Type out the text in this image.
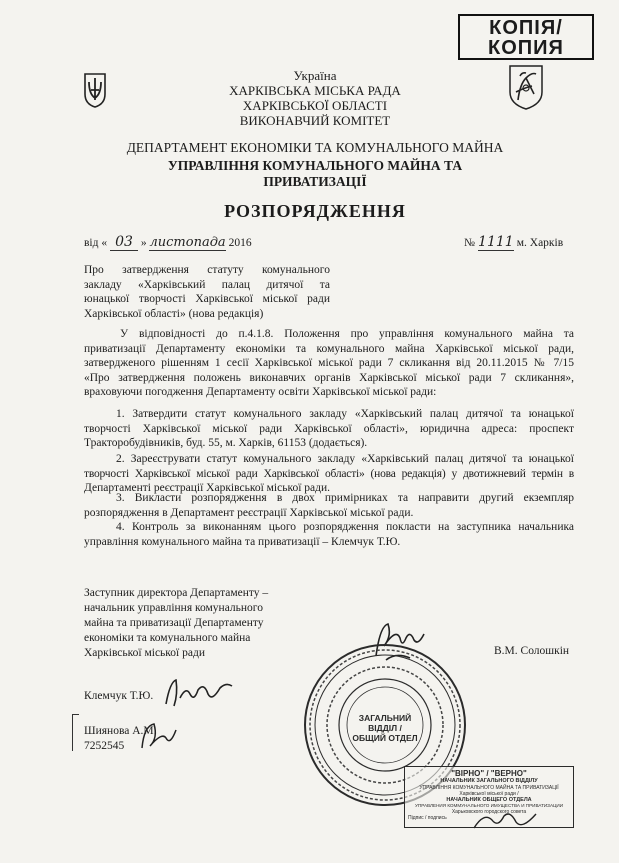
КОПІЯ/
КОПИЯ
Україна
ХАРКІВСЬКА МІСЬКА РАДА
ХАРКІВСЬКОЇ ОБЛАСТІ
ВИКОНАВЧИЙ КОМІТЕТ
ДЕПАРТАМЕНТ ЕКОНОМІКИ ТА КОМУНАЛЬНОГО МАЙНА
УПРАВЛІННЯ КОМУНАЛЬНОГО МАЙНА ТА
ПРИВАТИЗАЦІЇ
РОЗПОРЯДЖЕННЯ
від « 03 » листопада 2016	№ 1111 м. Харків
Про затвердження статуту комунального
закладу «Харківський палац дитячої та
юнацької творчості Харківської міської ради
Харківської області» (нова редакція)
У відповідності до п.4.1.8. Положення про управління комунального майна та
приватизації Департаменту економіки та комунального майна Харківської міської ради,
затвердженого рішенням 1 сесії Харківської міської ради 7 скликання від 20.11.2015 № 7/15
«Про затвердження положень виконавчих органів Харківської міської ради 7 скликання»,
враховуючи погодження Департаменту освіти Харківської міської ради:
1. Затвердити статут комунального закладу «Харківський палац дитячої та юнацької
творчості Харківської міської ради Харківської області», юридична адреса: проспект
Тракторобудівників, буд. 55, м. Харків, 61153 (додається).
2. Зареєструвати статут комунального закладу «Харківський палац дитячої та юнацької
творчості Харківської міської ради Харківської області» (нова редакція) у двотижневий термін в
Департаменті реєстрації Харківської міської ради.
3. Викласти розпорядження в двох примірниках та направити другий екземпляр
розпорядження в Департамент реєстрації Харківської міської ради.
4. Контроль за виконанням цього розпорядження покласти на заступника начальника
управління комунального майна та приватизації – Клемчук Т.Ю.
Заступник директора Департаменту –
начальник управління комунального
майна та приватизації Департаменту
економіки та комунального майна
Харківської міської ради	В.М. Солошкін
ЗАГАЛЬНИЙ
ВІДДІЛ /
ОБЩИЙ ОТДЕЛ
"ВІРНО" / "ВЕРНО"
НАЧАЛЬНИК ЗАГАЛЬНОГО ВІДДІЛУ
УПРАВЛІННЯ КОМУНАЛЬНОГО МАЙНА ТА ПРИВАТИЗАЦІЇ
Харківської міської ради /
НАЧАЛЬНИК ОБЩЕГО ОТДЕЛА
УПРАВЛЕНИЯ КОММУНАЛЬНОГО ИМУЩЕСТВА И ПРИВАТИЗАЦИИ
Харьковского городского совета
Підпис / подпись
Клемчук Т.Ю.
Шиянова А.М.
7252545
